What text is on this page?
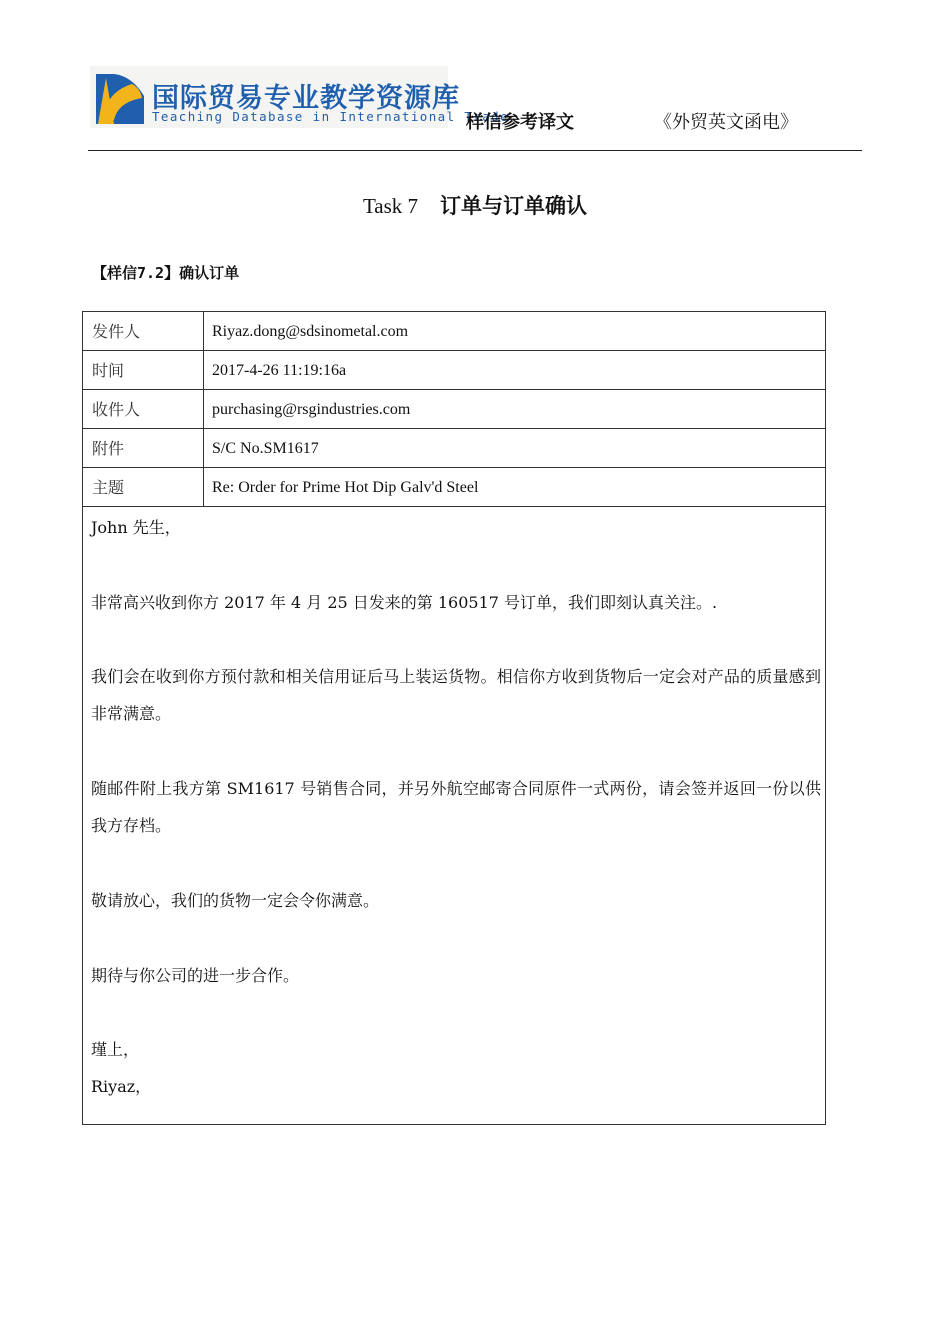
国际贸易专业教学资源库
Teaching Database in International Trade
样信参考译文	《外贸英文函电》
Task 7 订单与订单确认
【样信7.2】确认订单
发件人	Riyaz.dong@sdsinometal.com
时间	2017-4-26 11:19:16a
收件人	purchasing@rsgindustries.com
附件	S/C No.SM1617
主题	Re: Order for Prime Hot Dip Galv'd Steel
John 先生，
非常高兴收到你方 2017 年 4 月 25 日发来的第 160517 号订单，我们即刻认真关注。.
我们会在收到你方预付款和相关信用证后马上装运货物。相信你方收到货物后一定会对产品的质量感到非常满意。
随邮件附上我方第 SM1617 号销售合同，并另外航空邮寄合同原件一式两份，请会签并返回一份以供我方存档。
敬请放心，我们的货物一定会令你满意。
期待与你公司的进一步合作。
瑾上，
Riyaz，
